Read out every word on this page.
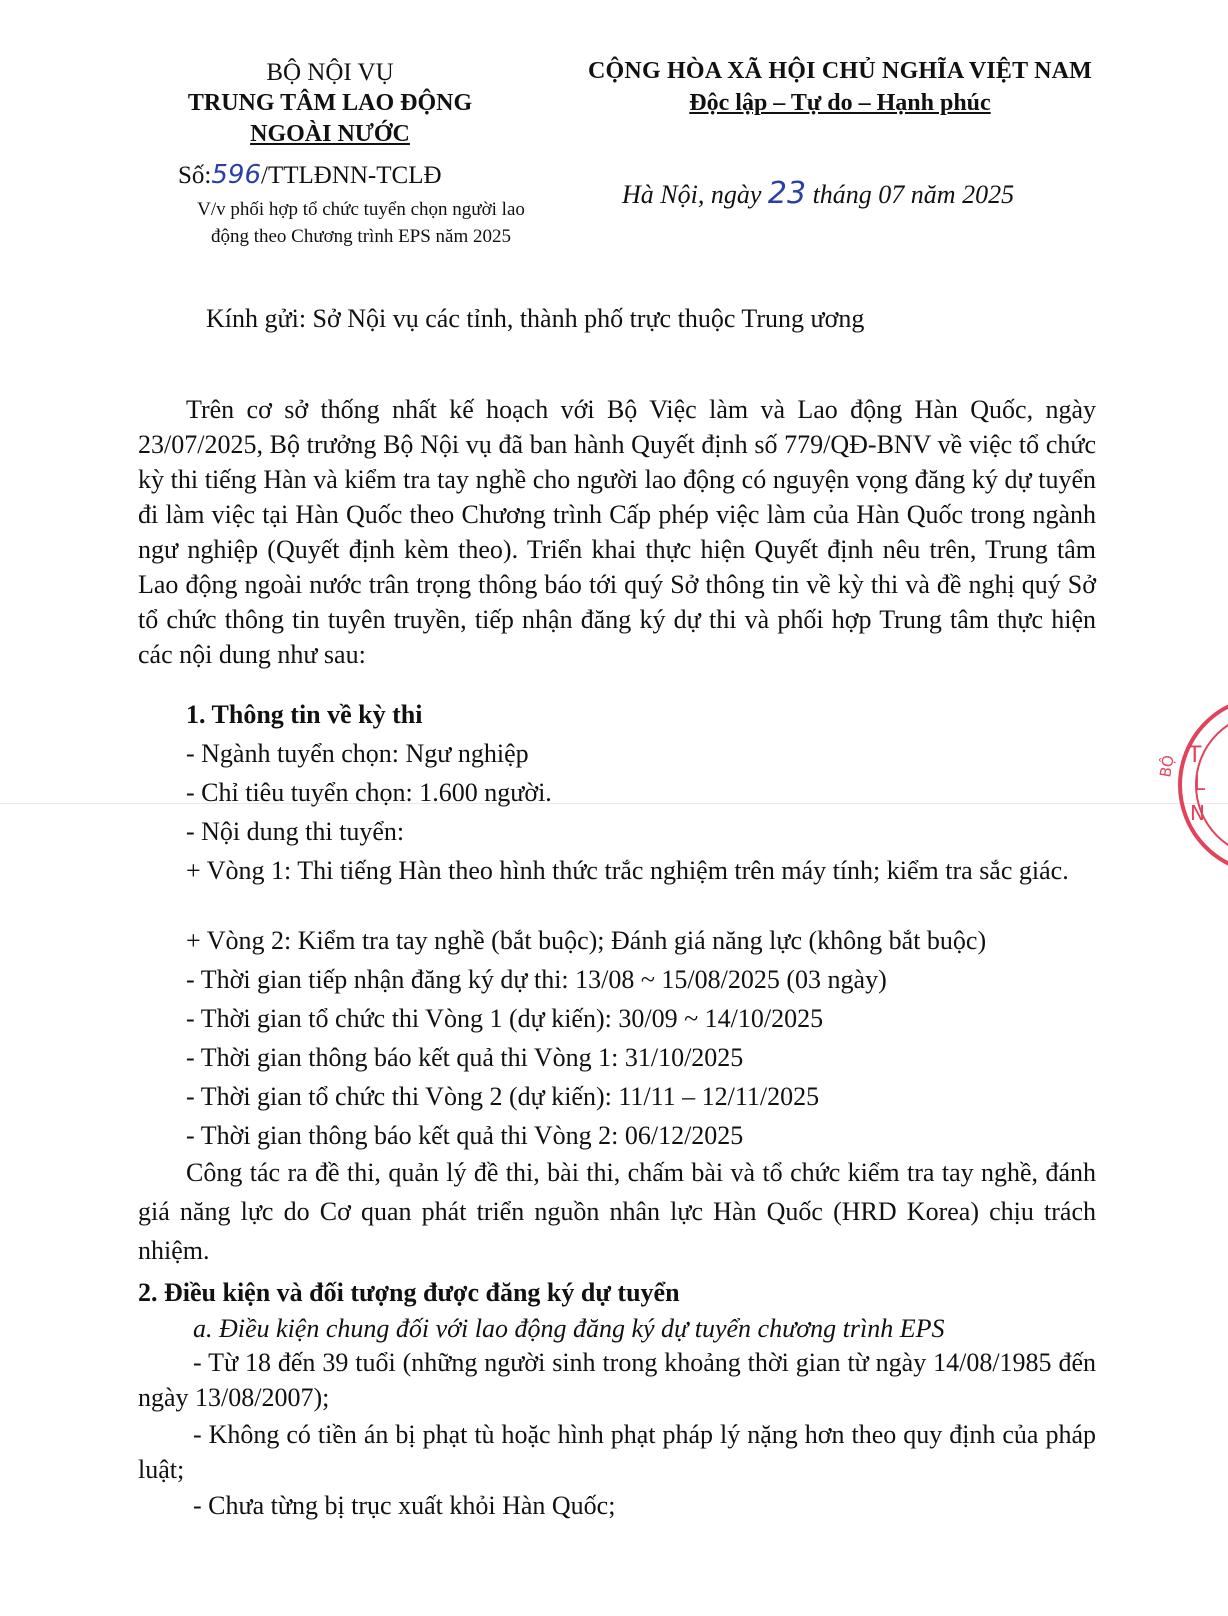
BỘ NỘI VỤ
TRUNG TÂM LAO ĐỘNG
NGOÀI NƯỚC
Số:596/TTLĐNN-TCLĐ
V/v phối hợp tổ chức tuyển chọn người lao động theo Chương trình EPS năm 2025
CỘNG HÒA XÃ HỘI CHỦ NGHĨA VIỆT NAM
Độc lập – Tự do – Hạnh phúc
Hà Nội, ngày 23 tháng 07 năm 2025
Kính gửi: Sở Nội vụ các tỉnh, thành phố trực thuộc Trung ương
Trên cơ sở thống nhất kế hoạch với Bộ Việc làm và Lao động Hàn Quốc, ngày 23/07/2025, Bộ trưởng Bộ Nội vụ đã ban hành Quyết định số 779/QĐ-BNV về việc tổ chức kỳ thi tiếng Hàn và kiểm tra tay nghề cho người lao động có nguyện vọng đăng ký dự tuyển đi làm việc tại Hàn Quốc theo Chương trình Cấp phép việc làm của Hàn Quốc trong ngành ngư nghiệp (Quyết định kèm theo). Triển khai thực hiện Quyết định nêu trên, Trung tâm Lao động ngoài nước trân trọng thông báo tới quý Sở thông tin về kỳ thi và đề nghị quý Sở tổ chức thông tin tuyên truyền, tiếp nhận đăng ký dự thi và phối hợp Trung tâm thực hiện các nội dung như sau:
1. Thông tin về kỳ thi
- Ngành tuyển chọn: Ngư nghiệp
- Chỉ tiêu tuyển chọn: 1.600 người.
- Nội dung thi tuyển:
+ Vòng 1: Thi tiếng Hàn theo hình thức trắc nghiệm trên máy tính; kiểm tra sắc giác.
+ Vòng 2: Kiểm tra tay nghề (bắt buộc); Đánh giá năng lực (không bắt buộc)
- Thời gian tiếp nhận đăng ký dự thi: 13/08 ~ 15/08/2025 (03 ngày)
- Thời gian tổ chức thi Vòng 1 (dự kiến): 30/09 ~ 14/10/2025
- Thời gian thông báo kết quả thi Vòng 1: 31/10/2025
- Thời gian tổ chức thi Vòng 2 (dự kiến): 11/11 – 12/11/2025
- Thời gian thông báo kết quả thi Vòng 2: 06/12/2025
Công tác ra đề thi, quản lý đề thi, bài thi, chấm bài và tổ chức kiểm tra tay nghề, đánh giá năng lực do Cơ quan phát triển nguồn nhân lực Hàn Quốc (HRD Korea) chịu trách nhiệm.
2. Điều kiện và đối tượng được đăng ký dự tuyển
a. Điều kiện chung đối với lao động đăng ký dự tuyển chương trình EPS
- Từ 18 đến 39 tuổi (những người sinh trong khoảng thời gian từ ngày 14/08/1985 đến ngày 13/08/2007);
- Không có tiền án bị phạt tù hoặc hình phạt pháp lý nặng hơn theo quy định của pháp luật;
- Chưa từng bị trục xuất khỏi Hàn Quốc;
BỘ T
L
N
